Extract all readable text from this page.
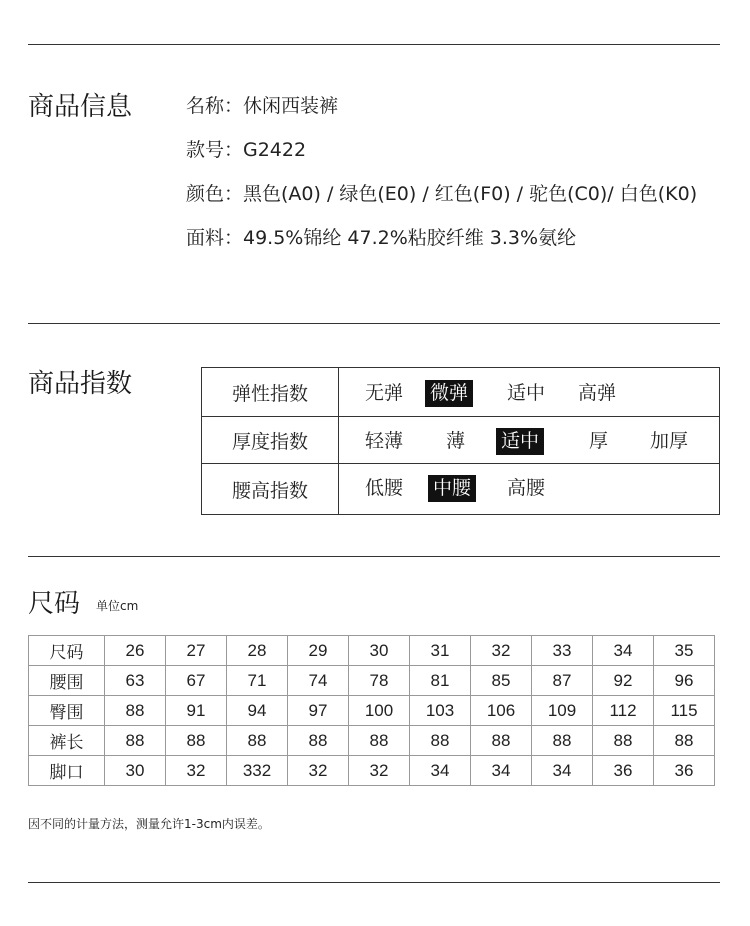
商品信息	名称：休闲西装裤
款号：G2422
颜色：黑色(A0) / 绿色(E0) / 红色(F0) / 驼色(C0)/ 白色(K0)
面料：49.5%锦纶 47.2%粘胶纤维 3.3%氨纶
商品指数	弹性指数	无弹 微弹 适中 高弹
厚度指数	轻薄 薄 适中	厚 加厚
腰高指数	低腰 中腰 高腰
尺码 单位cm
尺码	26	27	28	29	30	31	32	33	34	35
腰围	63	67	71	74	78	81	85	87	92	96
臀围	88	91	94	97	100	103	106	109	112	115
裤长	88	88	88	88	88	88	88	88	88	88
脚口	30	32	332	32	32	34	34	34	36	36
因不同的计量方法，测量允许1-3cm内误差。
